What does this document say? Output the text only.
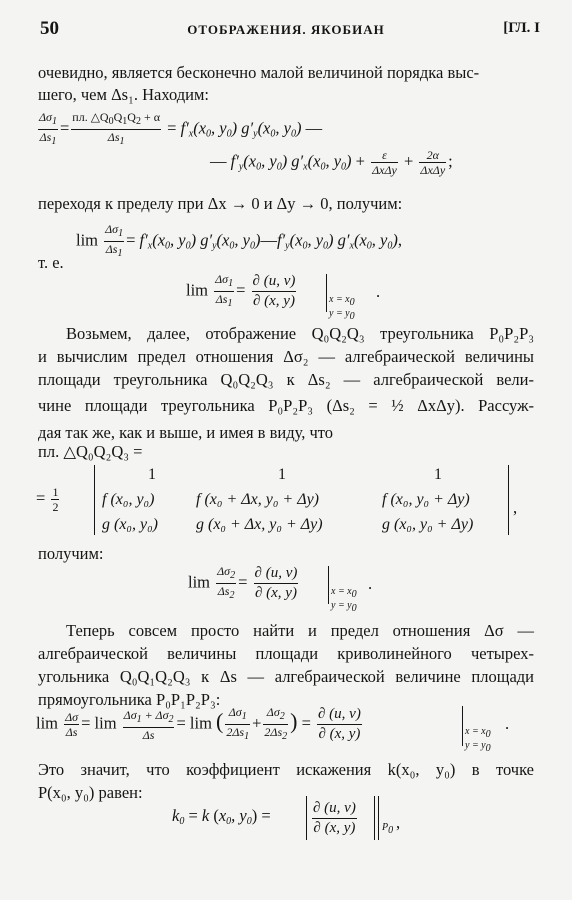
50	ОТОБРАЖЕНИЯ. ЯКОБИАН	[ГЛ. I
очевидно, является бесконечно малой величиной порядка выс-
шего, чем Δs₁. Находим:
$\frac{\Delta\sigma_1}{\Delta s_1}$ =
пл. $\triangle Q_0Q_1Q_2 + \alpha$
$\Delta s_1$
= $f'_x(x_0$, $y_0$) $g'_y(x_0$, $y_0$) —
— $f'_y(x_0$, $y_0$) $g'_x(x_0$, $y_0$) +	ε
ΔxΔy + 2α
ΔxΔy ;
переходя к пределу при Δx → 0 и Δy → 0, получим:
$\lim \frac{\Delta\sigma_1}{\Delta s_1} = f'_x(x_0$, $y_0$) $g'_y(x_0$, $y_0)—f'_y(x_0$, $y_0$) $g'_x(x_0$, $y_0$),
т. е.
$\lim \frac{\Delta\sigma_1}{\Delta s_1} = \frac{\partial (u, v)}{\partial (x, y)}$	x = x0
y = y0
.
Возьмем, далее, отображение Q₀Q₂Q₃ треугольника P₀P₂P₃
и вычислим предел отношения Δσ₂ — алгебраической величины
площади треугольника Q₀Q₂Q₃ к Δs₂ — алгебраической вели-
чине площади треугольника P₀P₂P₃ (Δs₂ = ½ ΔxΔy). Рассуж-
дая так же, как и выше, и имея в виду, что
пл. △Q₀Q₂Q₃ =
= $\frac{1}{2}$
1	1	1
f (x₀, y₀)	f (x₀ + Δx, y₀ + Δy)	f (x₀, y₀ + Δy)
g (x₀, y₀) g (x₀ + Δx, y₀ + Δy)	g (x₀, y₀ + Δy)
,
получим:
$\lim \frac{\Delta\sigma_2}{\Delta s_2} = \frac{\partial (u, v)}{\partial (x, y)}$	x = x0
y = y0
.
Теперь совсем просто найти и предел отношения Δσ —
алгебраической величины площади криволинейного четырех-
угольника Q₀Q₁Q₂Q₃ к Δs — алгебраической величине площади
прямоугольника P₀P₁P₂P₃:
$\lim \frac{\Delta\sigma}{\Delta s} = \lim \frac{\Delta\sigma_1 + \Delta\sigma_2}{\Delta s} = \lim$ ( $\frac{\Delta\sigma_1}{2\Delta s_1} + \frac{\Delta\sigma_2}{2\Delta s_2}$ ) = $\frac{\partial (u, v)}{\partial (x, y)}$	x = x0
y = y0
.
Это значит, что коэффициент искажения k(x₀, y₀) в точке
P(x₀, y₀) равен:
$k_0 = k$ ($x_0$, $y_0$) =	$\frac{\partial (u, v)}{\partial (x, y)}$	P0 ,
